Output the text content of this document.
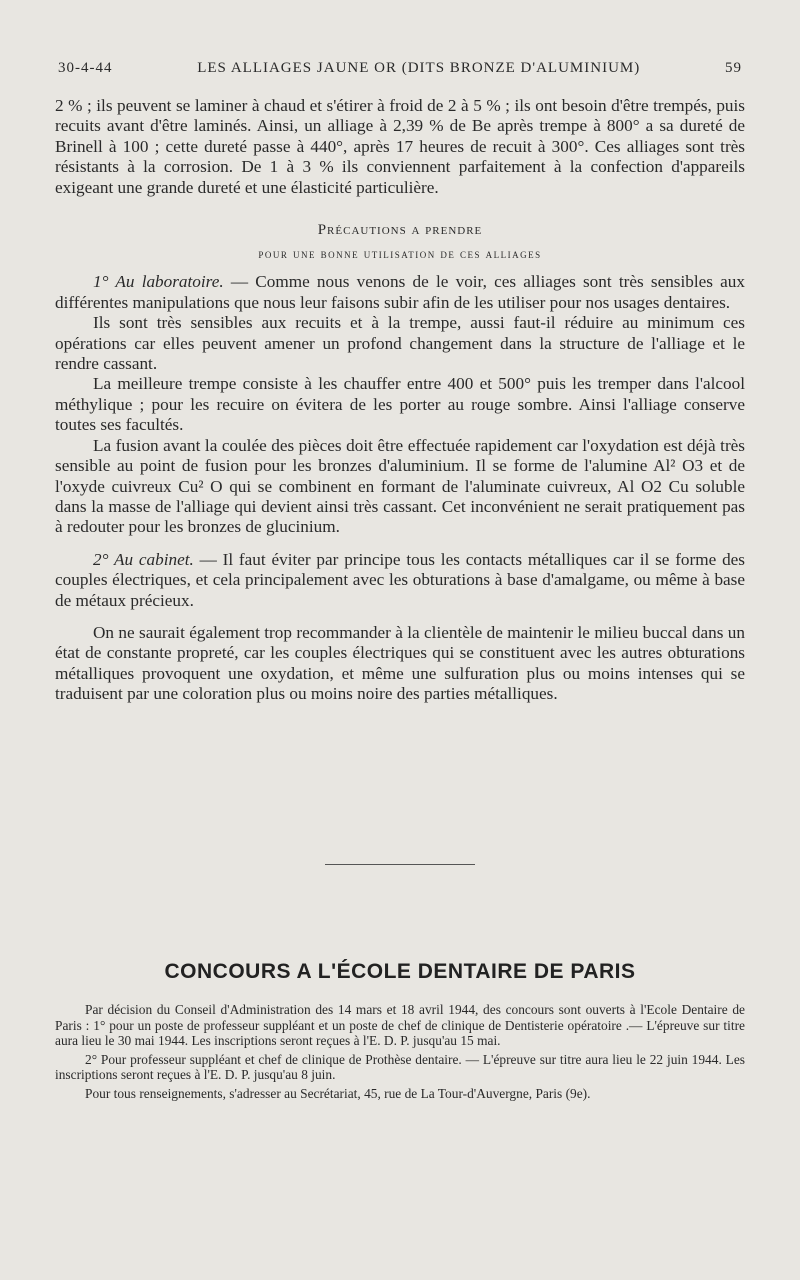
30-4-44	LES ALLIAGES JAUNE OR (DITS BRONZE D'ALUMINIUM)	59

2 % ; ils peuvent se laminer à chaud et s'étirer à froid de 2 à 5 % ; ils ont besoin d'être trempés, puis recuits avant d'être laminés. Ainsi, un alliage à 2,39 % de Be après trempe à 800° a sa dureté de Brinell à 100 ; cette dureté passe à 440°, après 17 heures de recuit à 300°. Ces alliages sont très résistants à la corrosion. De 1 à 3 % ils conviennent parfaitement à la confection d'appareils exigeant une grande dureté et une élasticité particulière.

Précautions a prendre
pour une bonne utilisation de ces alliages

1° Au laboratoire. — Comme nous venons de le voir, ces alliages sont très sensibles aux différentes manipulations que nous leur faisons subir afin de les utiliser pour nos usages dentaires.

Ils sont très sensibles aux recuits et à la trempe, aussi faut-il réduire au minimum ces opérations car elles peuvent amener un profond changement dans la structure de l'alliage et le rendre cassant.

La meilleure trempe consiste à les chauffer entre 400 et 500° puis les tremper dans l'alcool méthylique ; pour les recuire on évitera de les porter au rouge sombre. Ainsi l'alliage conserve toutes ses facultés.

La fusion avant la coulée des pièces doit être effectuée rapidement car l'oxydation est déjà très sensible au point de fusion pour les bronzes d'aluminium. Il se forme de l'alumine Al² O3 et de l'oxyde cuivreux Cu² O qui se combinent en formant de l'aluminate cuivreux, Al O2 Cu soluble dans la masse de l'alliage qui devient ainsi très cassant. Cet inconvénient ne serait pratiquement pas à redouter pour les bronzes de glucinium.

2° Au cabinet. — Il faut éviter par principe tous les contacts métalliques car il se forme des couples électriques, et cela principalement avec les obturations à base d'amalgame, ou même à base de métaux précieux.

On ne saurait également trop recommander à la clientèle de maintenir le milieu buccal dans un état de constante propreté, car les couples électriques qui se constituent avec les autres obturations métalliques provoquent une oxydation, et même une sulfuration plus ou moins intenses qui se traduisent par une coloration plus ou moins noire des parties métalliques.

CONCOURS A L'ÉCOLE DENTAIRE DE PARIS

Par décision du Conseil d'Administration des 14 mars et 18 avril 1944, des concours sont ouverts à l'Ecole Dentaire de Paris : 1° pour un poste de professeur suppléant et un poste de chef de clinique de Dentisterie opératoire .— L'épreuve sur titre aura lieu le 30 mai 1944. Les inscriptions seront reçues à l'E. D. P. jusqu'au 15 mai.

2° Pour professeur suppléant et chef de clinique de Prothèse dentaire. — L'épreuve sur titre aura lieu le 22 juin 1944. Les inscriptions seront reçues à l'E. D. P. jusqu'au 8 juin.

Pour tous renseignements, s'adresser au Secrétariat, 45, rue de La Tour-d'Auvergne, Paris (9e).
